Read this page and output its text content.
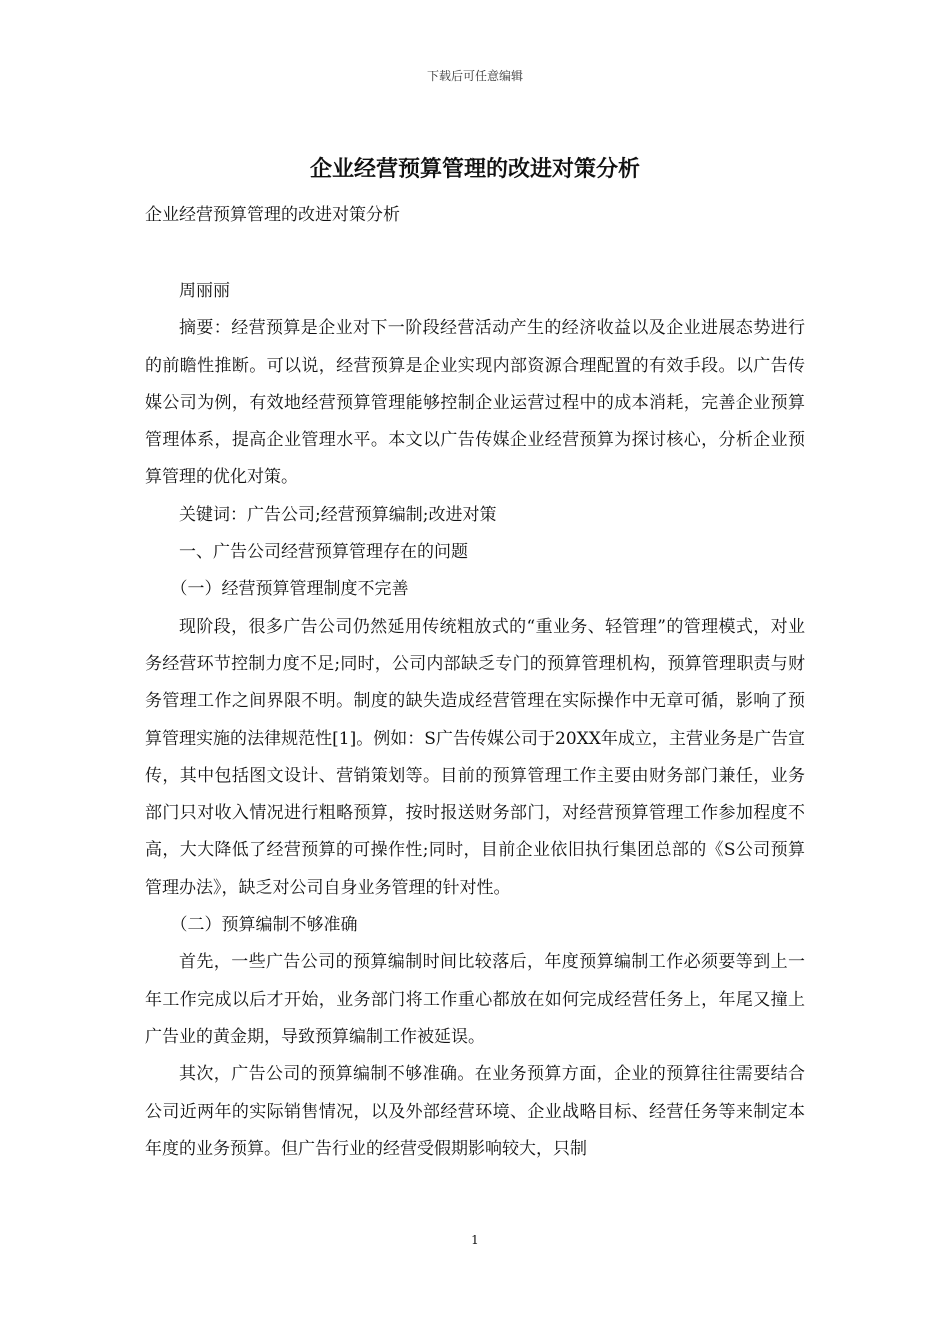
下载后可任意编辑
企业经营预算管理的改进对策分析
企业经营预算管理的改进对策分析

周丽丽

摘要：经营预算是企业对下一阶段经营活动产生的经济收益以及企业进展态势进行的前瞻性推断。可以说，经营预算是企业实现内部资源合理配置的有效手段。以广告传媒公司为例，有效地经营预算管理能够控制企业运营过程中的成本消耗，完善企业预算管理体系，提高企业管理水平。本文以广告传媒企业经营预算为探讨核心，分析企业预算管理的优化对策。

关键词：广告公司;经营预算编制;改进对策

一、广告公司经营预算管理存在的问题

（一）经营预算管理制度不完善

现阶段，很多广告公司仍然延用传统粗放式的“重业务、轻管理”的管理模式，对业务经营环节控制力度不足;同时，公司内部缺乏专门的预算管理机构，预算管理职责与财务管理工作之间界限不明。制度的缺失造成经营管理在实际操作中无章可循，影响了预算管理实施的法律规范性[1]。例如：S广告传媒公司于20XX年成立，主营业务是广告宣传，其中包括图文设计、营销策划等。目前的预算管理工作主要由财务部门兼任，业务部门只对收入情况进行粗略预算，按时报送财务部门，对经营预算管理工作参加程度不高，大大降低了经营预算的可操作性;同时，目前企业依旧执行集团总部的《S公司预算管理办法》，缺乏对公司自身业务管理的针对性。

（二）预算编制不够准确

首先，一些广告公司的预算编制时间比较落后，年度预算编制工作必须要等到上一年工作完成以后才开始，业务部门将工作重心都放在如何完成经营任务上，年尾又撞上广告业的黄金期，导致预算编制工作被延误。

其次，广告公司的预算编制不够准确。在业务预算方面，企业的预算往往需要结合公司近两年的实际销售情况，以及外部经营环境、企业战略目标、经营任务等来制定本年度的业务预算。但广告行业的经营受假期影响较大，只制

1
